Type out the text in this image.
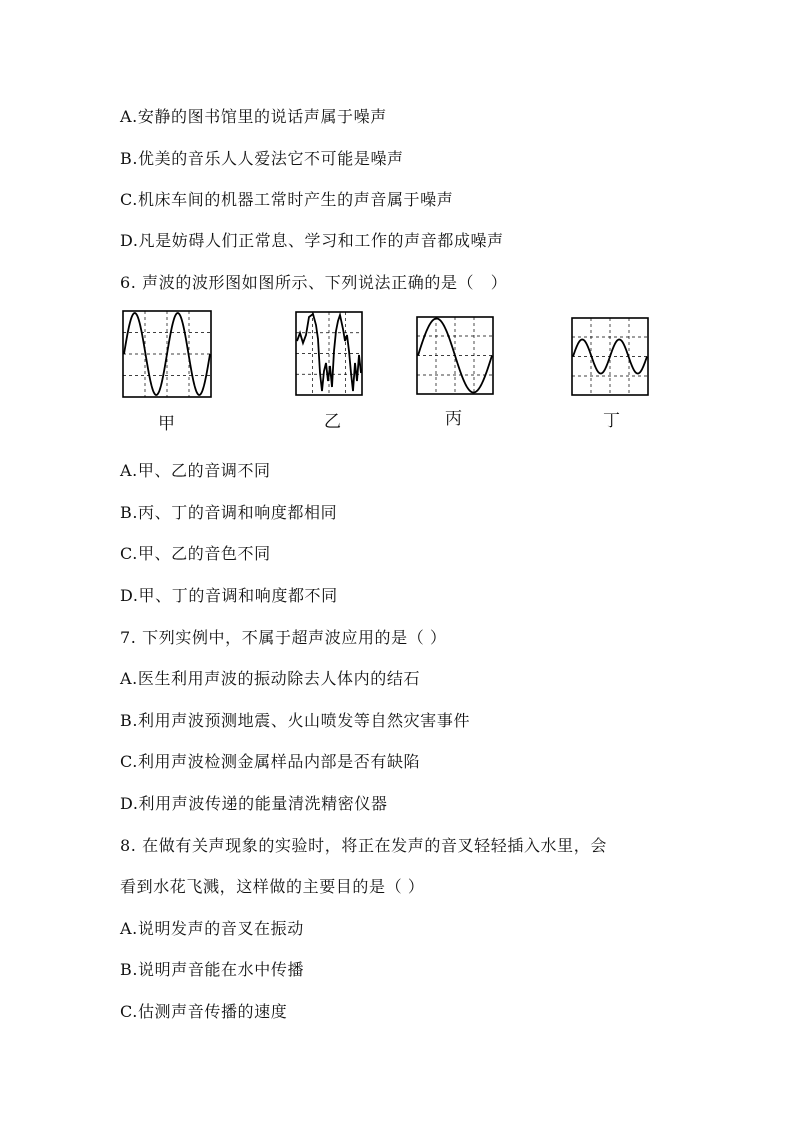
A.安静的图书馆里的说话声属于噪声
B.优美的音乐人人爱法它不可能是噪声
C.机床车间的机器工常时产生的声音属于噪声
D.凡是妨碍人们正常息、学习和工作的声音都成噪声
6. 声波的波形图如图所示、下列说法正确的是（　）
甲	乙	丙	丁
A.甲、乙的音调不同
B.丙、丁的音调和响度都相同
C.甲、乙的音色不同
D.甲、丁的音调和响度都不同
7. 下列实例中，不属于超声波应用的是（ ）
A.医生利用声波的振动除去人体内的结石
B.利用声波预测地震、火山喷发等自然灾害事件
C.利用声波检测金属样品内部是否有缺陷
D.利用声波传递的能量清洗精密仪器
8. 在做有关声现象的实验时，将正在发声的音叉轻轻插入水里，会
看到水花飞溅，这样做的主要目的是（ ）
A.说明发声的音叉在振动
B.说明声音能在水中传播
C.估测声音传播的速度
